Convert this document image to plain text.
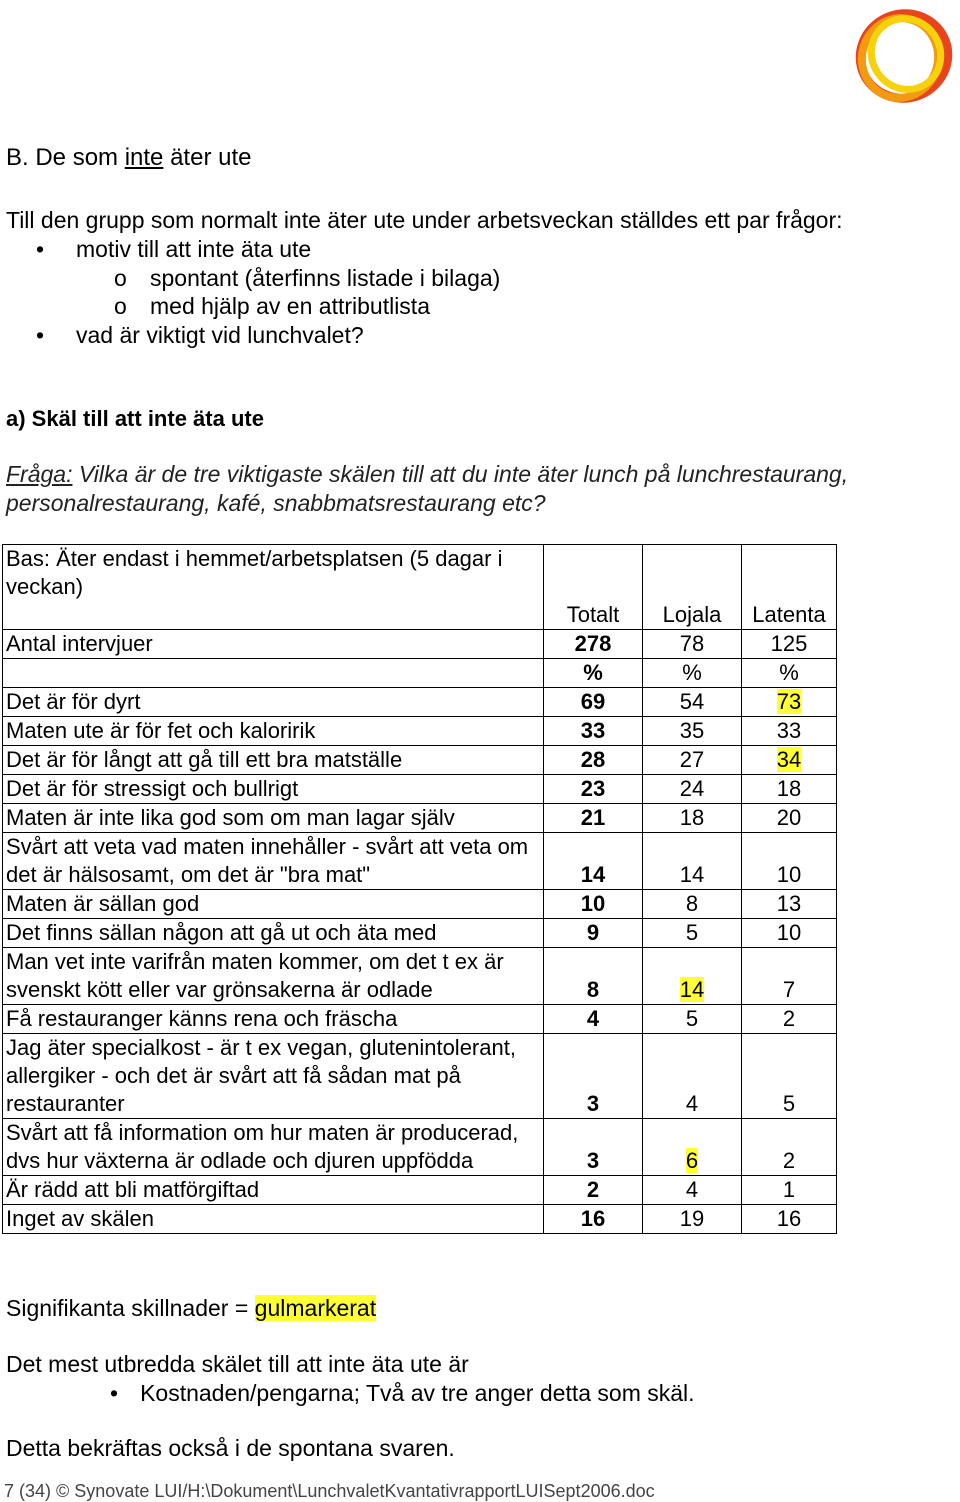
B. De som inte äter ute
Till den grupp som normalt inte äter ute under arbetsveckan ställdes ett par frågor:
• motiv till att inte äta ute
o spontant (återfinns listade i bilaga)
o med hjälp av en attributlista
• vad är viktigt vid lunchvalet?
a) Skäl till att inte äta ute
Fråga: Vilka är de tre viktigaste skälen till att du inte äter lunch på lunchrestaurang, personalrestaurang, kafé, snabbmatsrestaurang etc?
Bas: Äter endast i hemmet/arbetsplatsen (5 dagar i veckan)			
	Totalt	Lojala	Latenta
Antal intervjuer	278	78	125
	%	%	%
Det är för dyrt	69	54	73
Maten ute är för fet och kaloririk	33	35	33
Det är för långt att gå till ett bra matställe	28	27	34
Det är för stressigt och bullrigt	23	24	18
Maten är inte lika god som om man lagar själv	21	18	20
Svårt att veta vad maten innehåller - svårt att veta om det är hälsosamt, om det är "bra mat"	14	14	10
Maten är sällan god	10	8	13
Det finns sällan någon att gå ut och äta med	9	5	10
Man vet inte varifrån maten kommer, om det t ex är svenskt kött eller var grönsakerna är odlade	8	14	7
Få restauranger känns rena och fräscha	4	5	2
Jag äter specialkost - är t ex vegan, glutenintolerant, allergiker - och det är svårt att få sådan mat på restauranter	3	4	5
Svårt att få information om hur maten är producerad, dvs hur växterna är odlade och djuren uppfödda	3	6	2
Är rädd att bli matförgiftad	2	4	1
Inget av skälen	16	19	16
Signifikanta skillnader = gulmarkerat
Det mest utbredda skälet till att inte äta ute är
• Kostnaden/pengarna; Två av tre anger detta som skäl.
Detta bekräftas också i de spontana svaren.
7 (34) © Synovate LUI/H:\Dokument\LunchvaletKvantativrapportLUISept2006.doc
